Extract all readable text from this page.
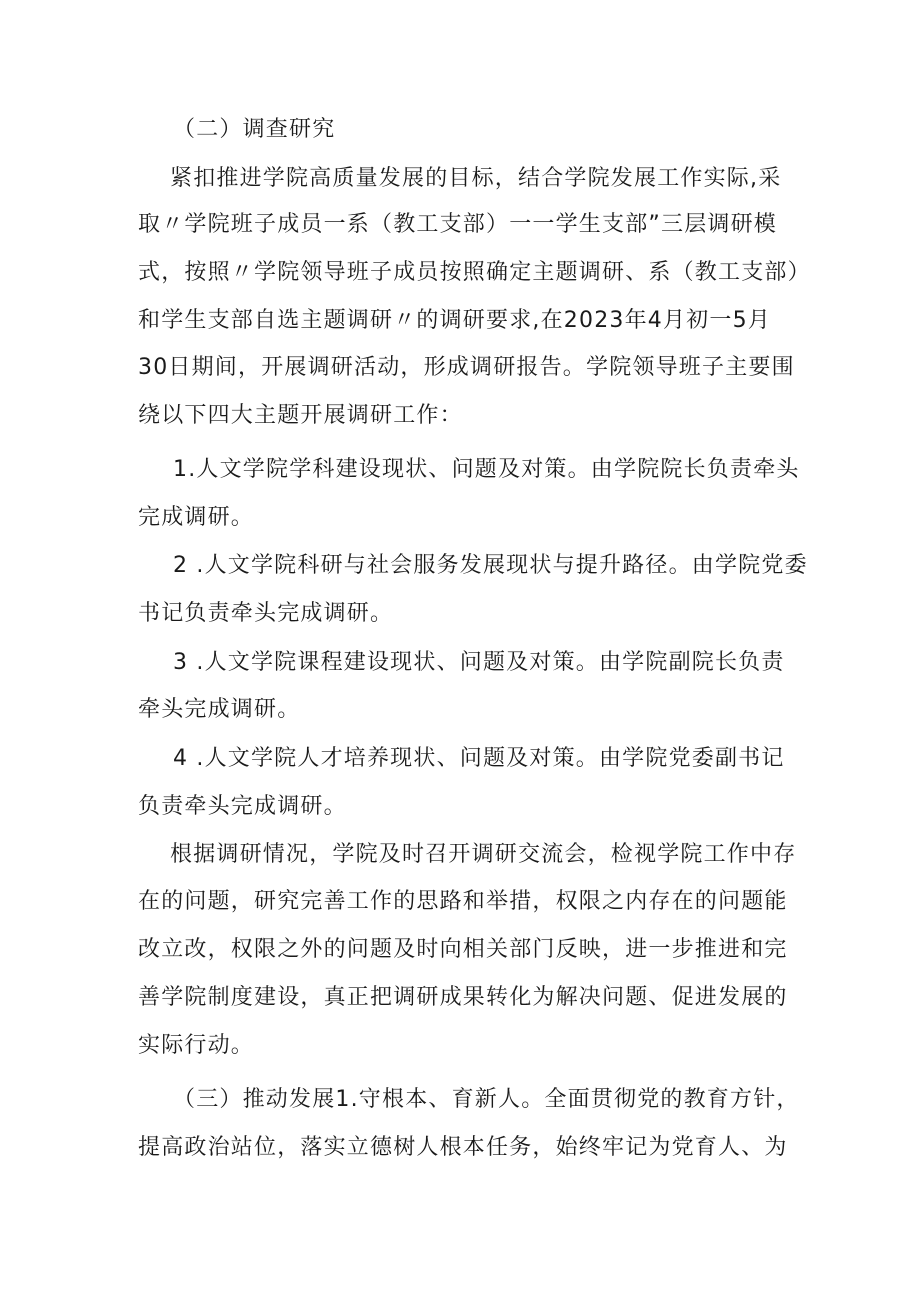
（二）调查研究
紧扣推进学院高质量发展的目标，结合学院发展工作实际,采
取〃学院班子成员一系（教工支部）一一学生支部”三层调研模
式，按照〃学院领导班子成员按照确定主题调研、系（教工支部）
和学生支部自选主题调研〃的调研要求,在2023年4月初一5月
30日期间，开展调研活动，形成调研报告。学院领导班子主要围
绕以下四大主题开展调研工作：
1.人文学院学科建设现状、问题及对策。由学院院长负责牵头
完成调研。
2 .人文学院科研与社会服务发展现状与提升路径。由学院党委
书记负责牵头完成调研。
3 .人文学院课程建设现状、问题及对策。由学院副院长负责
牵头完成调研。
4 .人文学院人才培养现状、问题及对策。由学院党委副书记
负责牵头完成调研。
根据调研情况，学院及时召开调研交流会，检视学院工作中存
在的问题，研究完善工作的思路和举措，权限之内存在的问题能
改立改，权限之外的问题及时向相关部门反映，进一步推进和完
善学院制度建设，真正把调研成果转化为解决问题、促进发展的
实际行动。
（三）推动发展1.守根本、育新人。全面贯彻党的教育方针，
提高政治站位，落实立德树人根本任务，始终牢记为党育人、为
